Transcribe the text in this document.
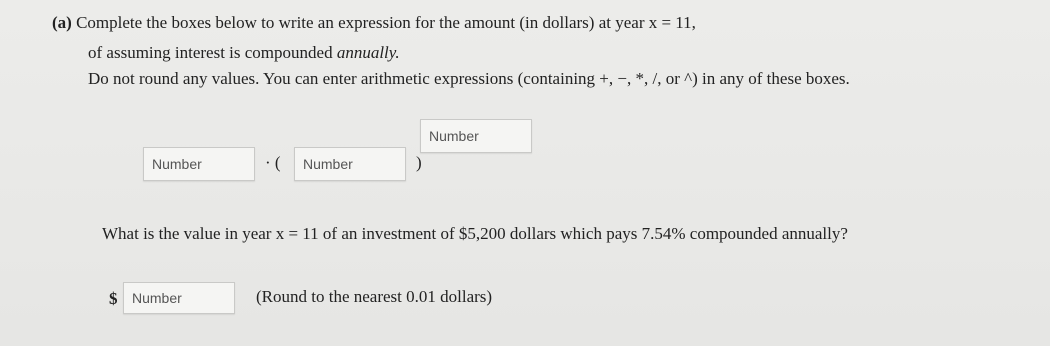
(a) Complete the boxes below to write an expression for the amount (in dollars) at year x = 11,
of assuming interest is compounded annually.
Do not round any values. You can enter arithmetic expressions (containing +, −, *, /, or ^) in any of these boxes.
Number
Number	· (	Number	)
What is the value in year x = 11 of an investment of $5,200 dollars which pays 7.54% compounded annually?
$	Number	(Round to the nearest 0.01 dollars)
